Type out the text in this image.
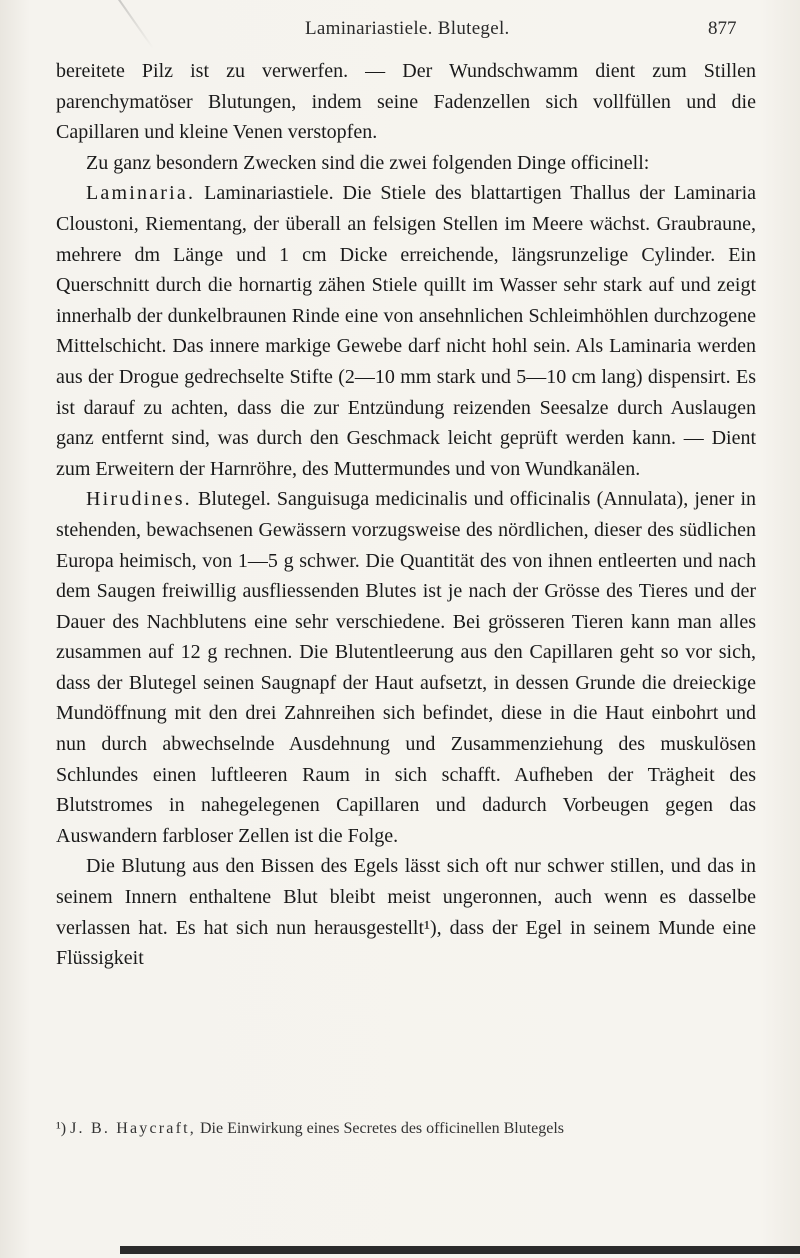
Laminariastiele. Blutegel.	877

bereitete Pilz ist zu verwerfen. — Der Wundschwamm dient zum Stillen parenchymatöser Blutungen, indem seine Fadenzellen sich vollfüllen und die Capillaren und kleine Venen verstopfen.

Zu ganz besondern Zwecken sind die zwei folgenden Dinge officinell:

Laminaria. Laminariastiele. Die Stiele des blattartigen Thallus der Laminaria Cloustoni, Riementang, der überall an felsigen Stellen im Meere wächst. Graubraune, mehrere dm Länge und 1 cm Dicke erreichende, längsrunzelige Cylinder. Ein Querschnitt durch die hornartig zähen Stiele quillt im Wasser sehr stark auf und zeigt innerhalb der dunkelbraunen Rinde eine von ansehnlichen Schleimhöhlen durchzogene Mittelschicht. Das innere markige Gewebe darf nicht hohl sein. Als Laminaria werden aus der Drogue gedrechselte Stifte (2—10 mm stark und 5—10 cm lang) dispensirt. Es ist darauf zu achten, dass die zur Entzündung reizenden Seesalze durch Auslaugen ganz entfernt sind, was durch den Geschmack leicht geprüft werden kann. — Dient zum Erweitern der Harnröhre, des Muttermundes und von Wundkanälen.

Hirudines. Blutegel. Sanguisuga medicinalis und officinalis (Annulata), jener in stehenden, bewachsenen Gewässern vorzugsweise des nördlichen, dieser des südlichen Europa heimisch, von 1—5 g schwer. Die Quantität des von ihnen entleerten und nach dem Saugen freiwillig ausfliessenden Blutes ist je nach der Grösse des Tieres und der Dauer des Nachblutens eine sehr verschiedene. Bei grösseren Tieren kann man alles zusammen auf 12 g rechnen. Die Blutentleerung aus den Capillaren geht so vor sich, dass der Blutegel seinen Saugnapf der Haut aufsetzt, in dessen Grunde die dreieckige Mundöffnung mit den drei Zahnreihen sich befindet, diese in die Haut einbohrt und nun durch abwechselnde Ausdehnung und Zusammenziehung des muskulösen Schlundes einen luftleeren Raum in sich schafft. Aufheben der Trägheit des Blutstromes in nahegelegenen Capillaren und dadurch Vorbeugen gegen das Auswandern farbloser Zellen ist die Folge.

Die Blutung aus den Bissen des Egels lässt sich oft nur schwer stillen, und das in seinem Innern enthaltene Blut bleibt meist ungeronnen, auch wenn es dasselbe verlassen hat. Es hat sich nun herausgestellt¹), dass der Egel in seinem Munde eine Flüssigkeit

¹) J. B. Haycraft, Die Einwirkung eines Secretes des officinellen Blutegels
